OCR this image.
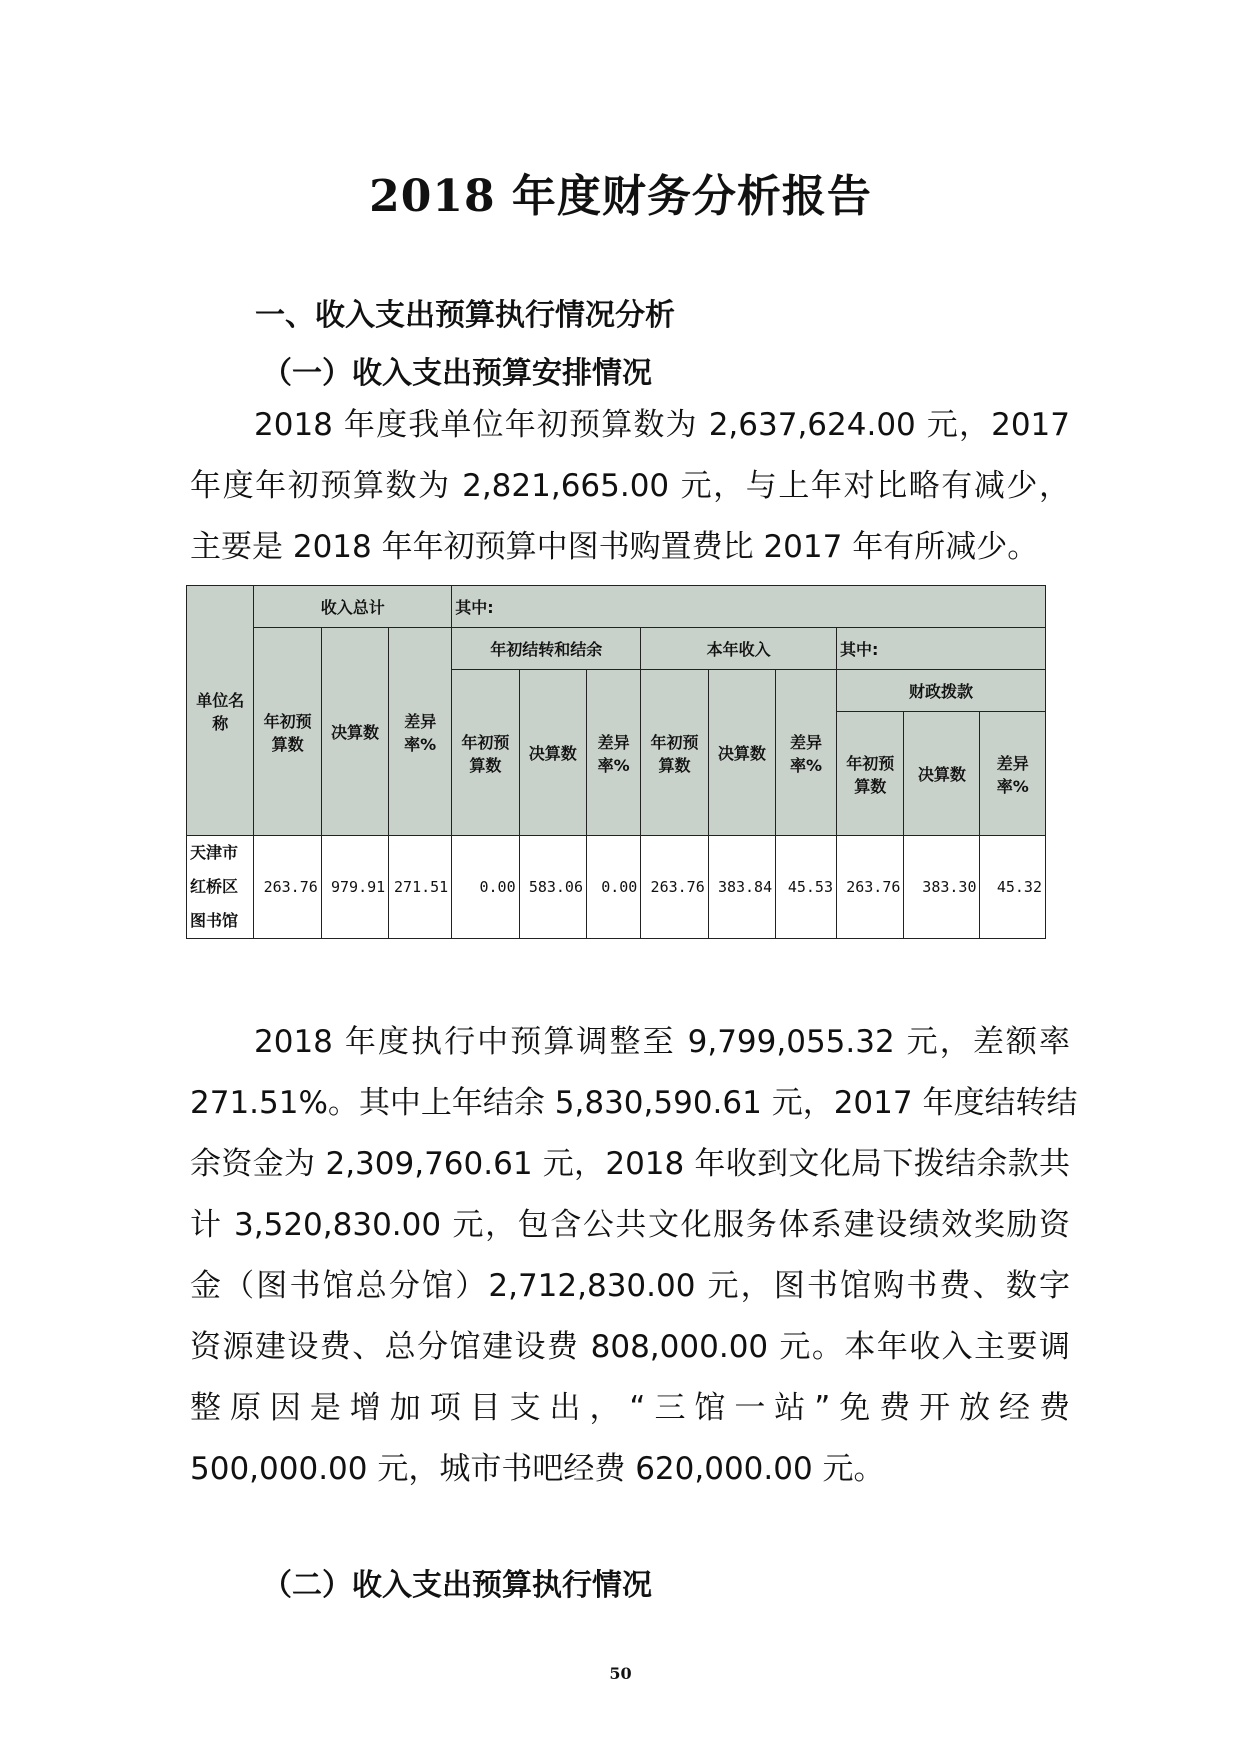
2018 年度财务分析报告
一、收入支出预算执行情况分析
（一）收入支出预算安排情况
2018 年度我单位年初预算数为 2,637,624.00 元，2017
年度年初预算数为 2,821,665.00 元，与上年对比略有减少，
主要是 2018 年年初预算中图书购置费比 2017 年有所减少。
单位名称	收入总计			其中:								
	年初预算数	决算数	差异率%	年初结转和结余			本年收入			其中:		
				年初预算数	决算数	差异率%	年初预算数	决算数	差异率%	财政拨款		
										年初预算数	决算数	差异率%

天津市红桥区图书馆	263.76	979.91	271.51	0.00	583.06	0.00	263.76	383.84	45.53	263.76	383.30	45.32
2018 年度执行中预算调整至 9,799,055.32 元，差额率
271.51%。其中上年结余 5,830,590.61 元，2017 年度结转结
余资金为 2,309,760.61 元，2018 年收到文化局下拨结余款共
计 3,520,830.00 元，包含公共文化服务体系建设绩效奖励资
金（图书馆总分馆）2,712,830.00 元，图书馆购书费、数字
资源建设费、总分馆建设费 808,000.00 元。本年收入主要调
整原因是增加项目支出，“三馆一站”免费开放经费
500,000.00 元，城市书吧经费 620,000.00 元。
（二）收入支出预算执行情况
50
